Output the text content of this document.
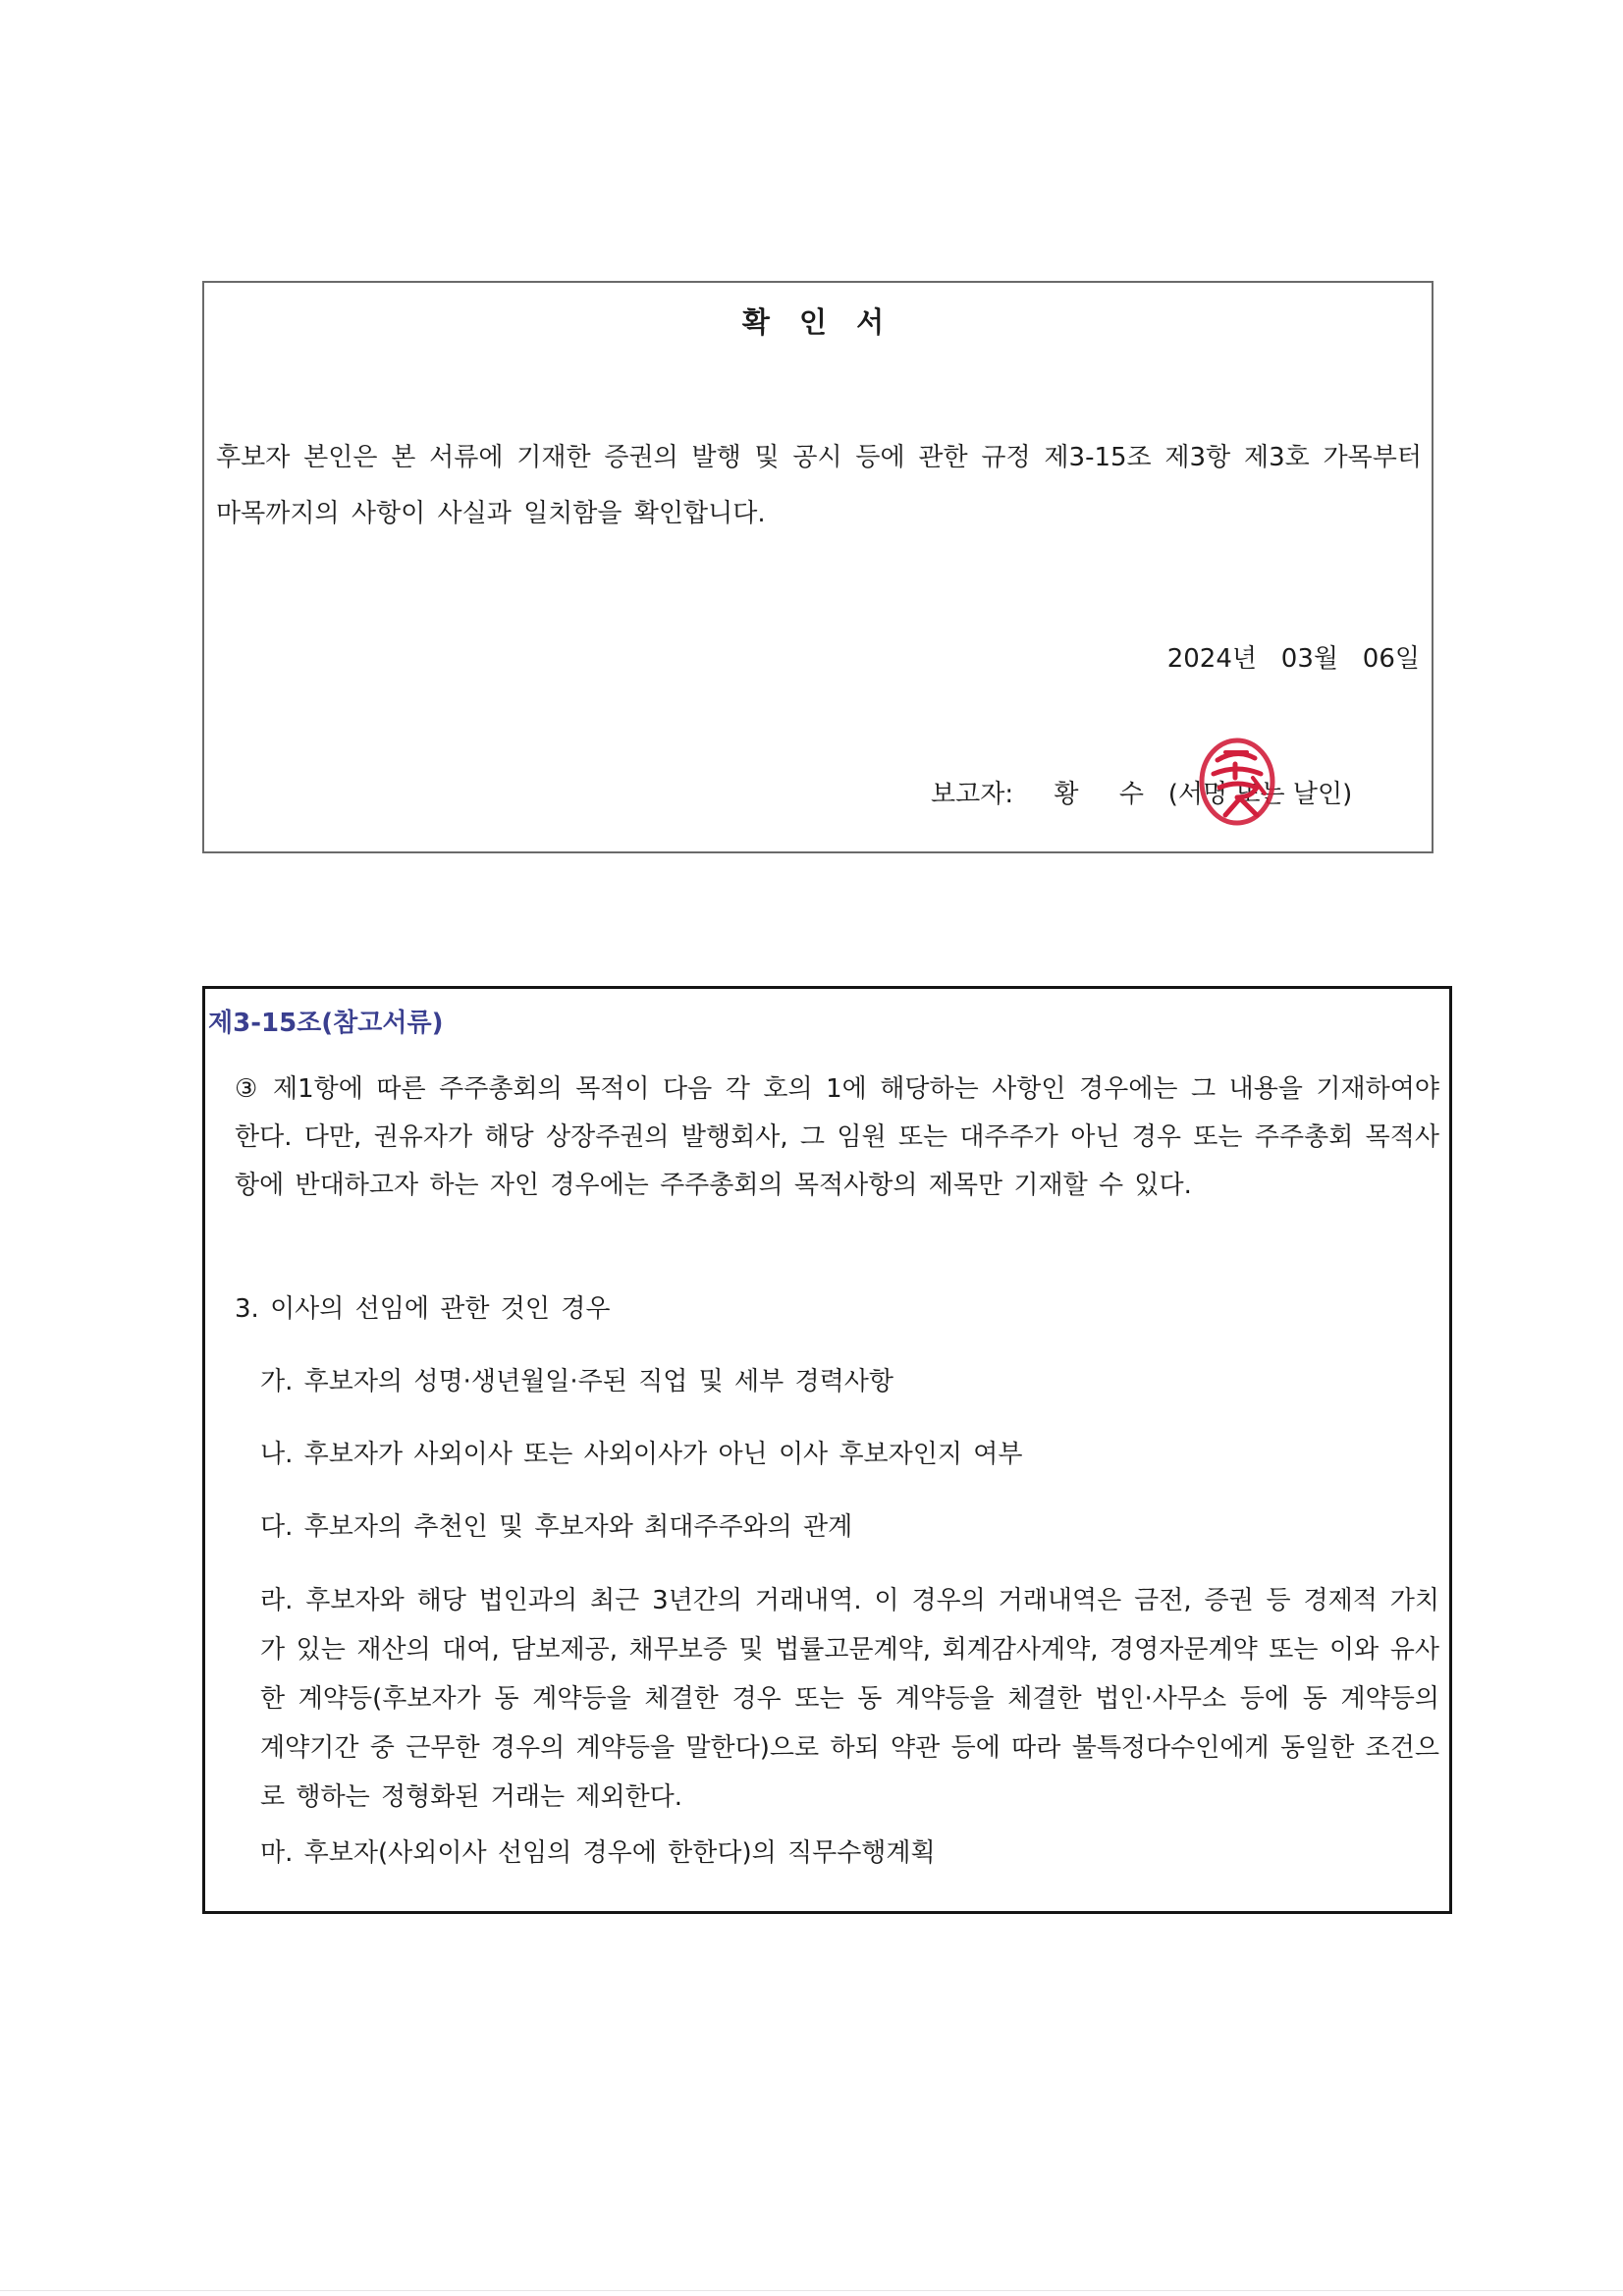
확 인 서
후보자 본인은 본 서류에 기재한 증권의 발행 및 공시 등에 관한 규정 제3-15조 제3항 제3호 가목부터 마목까지의 사항이 사실과 일치함을 확인합니다.
2024년   03월   06일
보고자:     황     수   (서명 또는 날인)
제3-15조(참고서류)
③ 제1항에 따른 주주총회의 목적이 다음 각 호의 1에 해당하는 사항인 경우에는 그 내용을 기재하여야 한다. 다만, 권유자가 해당 상장주권의 발행회사, 그 임원 또는 대주주가 아닌 경우 또는 주주총회 목적사항에 반대하고자 하는 자인 경우에는 주주총회의 목적사항의 제목만 기재할 수 있다.
3. 이사의 선임에 관한 것인 경우
가. 후보자의 성명·생년월일·주된 직업 및 세부 경력사항
나. 후보자가 사외이사 또는 사외이사가 아닌 이사 후보자인지 여부
다. 후보자의 추천인 및 후보자와 최대주주와의 관계
라. 후보자와 해당 법인과의 최근 3년간의 거래내역. 이 경우의 거래내역은 금전, 증권 등 경제적 가치가 있는 재산의 대여, 담보제공, 채무보증 및 법률고문계약, 회계감사계약, 경영자문계약 또는 이와 유사한 계약등(후보자가 동 계약등을 체결한 경우 또는 동 계약등을 체결한 법인·사무소 등에 동 계약등의 계약기간 중 근무한 경우의 계약등을 말한다)으로 하되 약관 등에 따라 불특정다수인에게 동일한 조건으로 행하는 정형화된 거래는 제외한다.
마. 후보자(사외이사 선임의 경우에 한한다)의 직무수행계획
